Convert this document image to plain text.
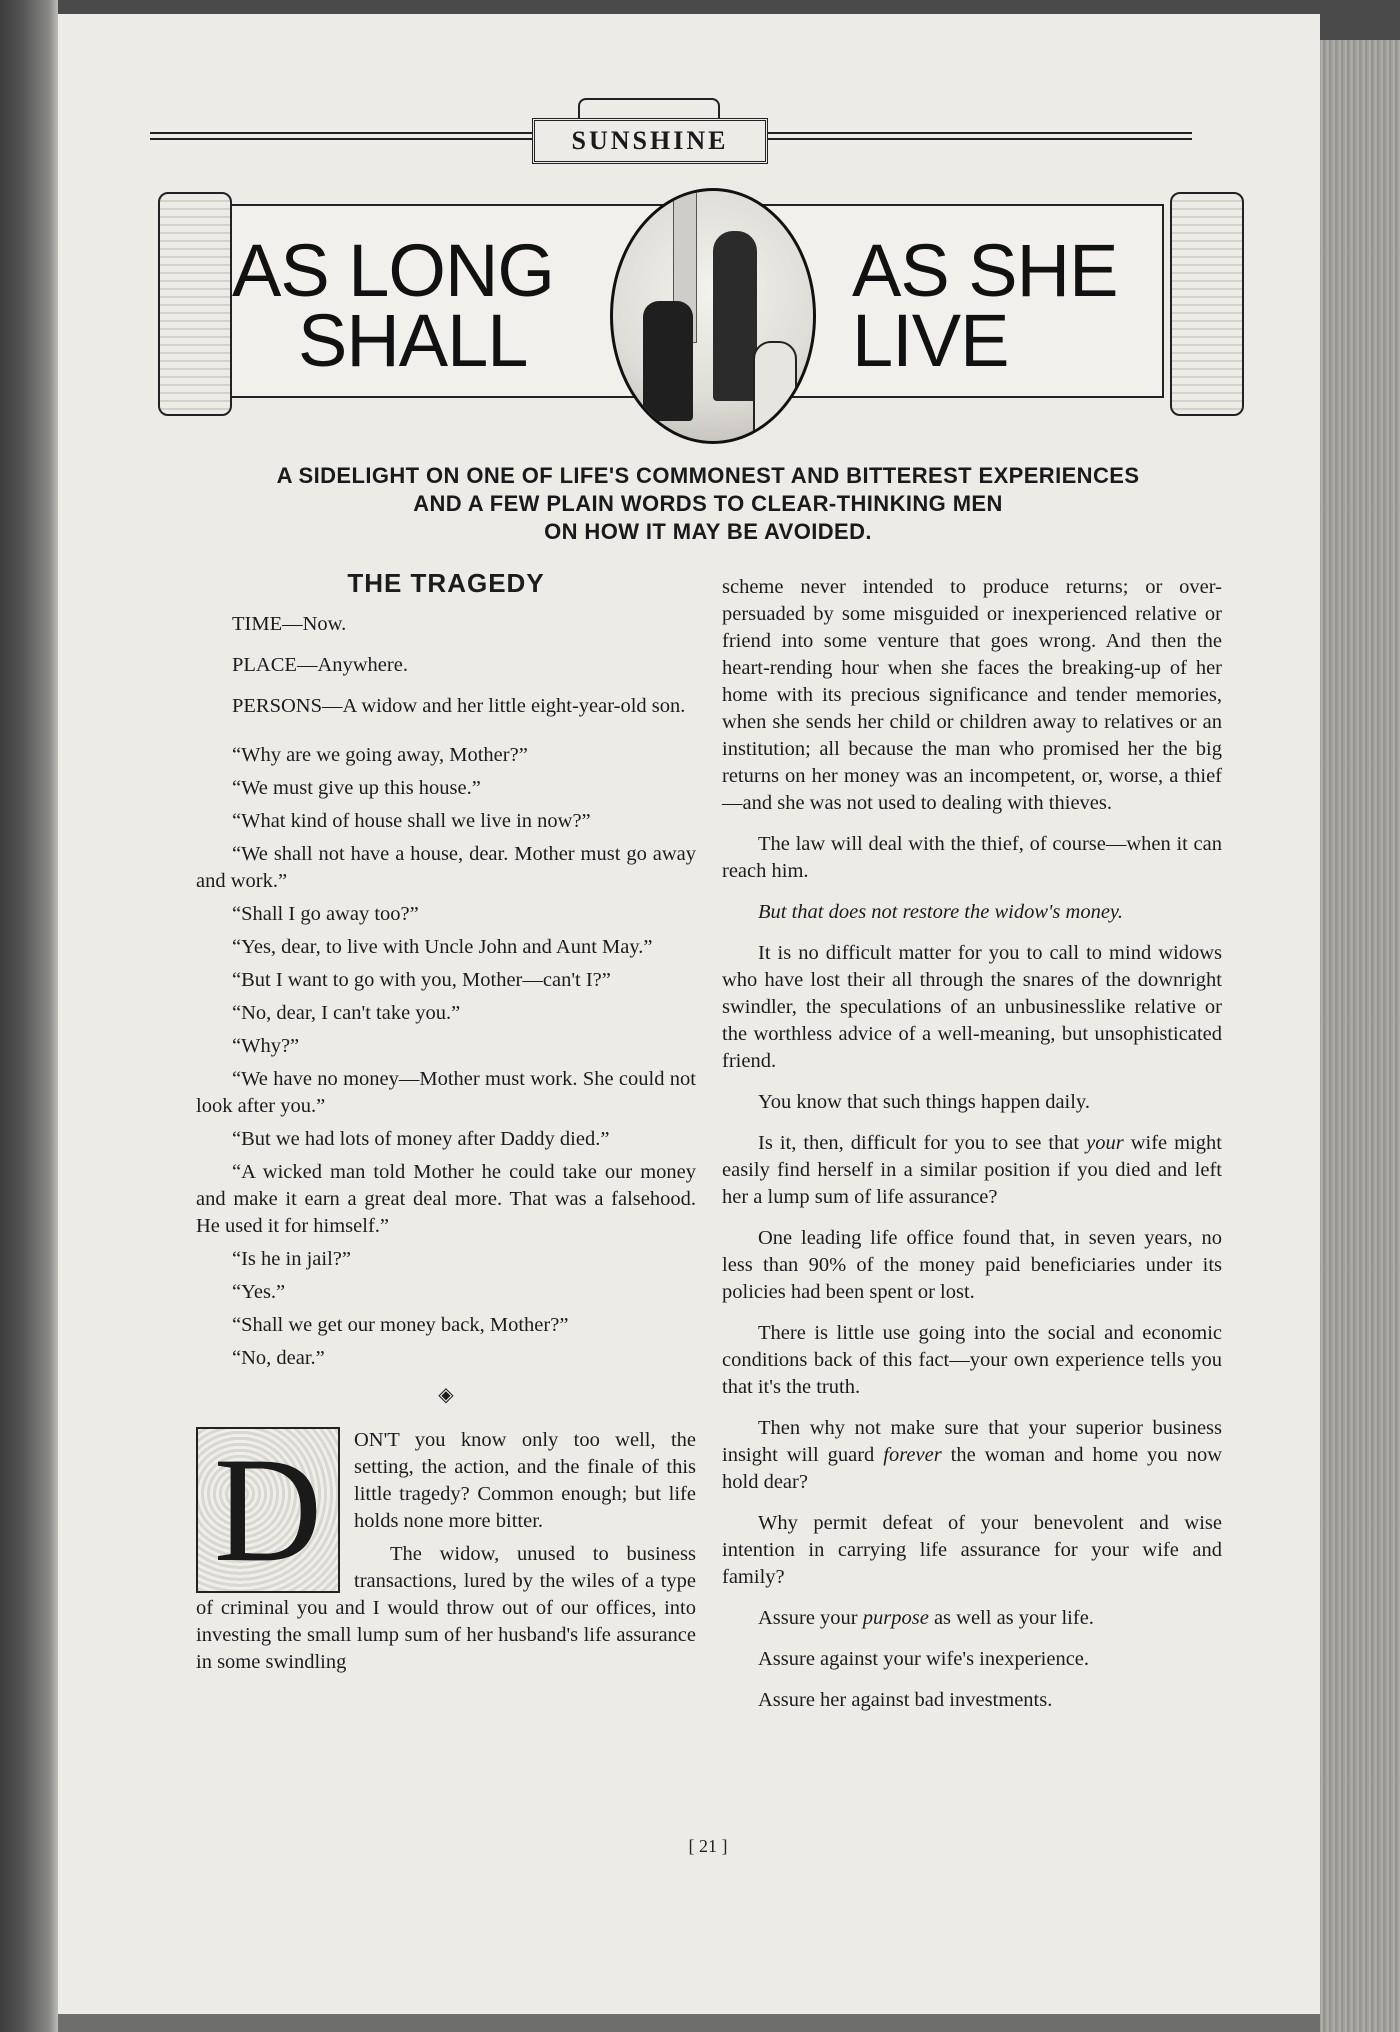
SUNSHINE
AS LONG
SHALL
AS SHE
LIVE
A SIDELIGHT ON ONE OF LIFE'S COMMONEST AND BITTEREST EXPERIENCES
AND A FEW PLAIN WORDS TO CLEAR-THINKING MEN
ON HOW IT MAY BE AVOIDED.
THE TRAGEDY

TIME—Now.

PLACE—Anywhere.

PERSONS—A widow and her little eight-year-old son.

“Why are we going away, Mother?”

“We must give up this house.”

“What kind of house shall we live in now?”

“We shall not have a house, dear. Mother must go away and work.”

“Shall I go away too?”

“Yes, dear, to live with Uncle John and Aunt May.”

“But I want to go with you, Mother—can't I?”

“No, dear, I can't take you.”

“Why?”

“We have no money—Mother must work. She could not look after you.”

“But we had lots of money after Daddy died.”

“A wicked man told Mother he could take our money and make it earn a great deal more. That was a falsehood. He used it for himself.”

“Is he in jail?”

“Yes.”

“Shall we get our money back, Mother?”

“No, dear.”

◈
D	ON'T you know only too well, the setting, the action, and the finale of this little tragedy? Common enough; but life holds none more bitter.

The widow, unused to business transactions, lured by the wiles of a type of criminal you and I would throw out of our offices, into investing the small lump sum of her husband's life assurance in some swindling

scheme never intended to produce returns; or over-persuaded by some misguided or inexperienced relative or friend into some venture that goes wrong. And then the heart-rending hour when she faces the breaking-up of her home with its precious significance and tender memories, when she sends her child or children away to relatives or an institution; all because the man who promised her the big returns on her money was an incompetent, or, worse, a thief—and she was not used to dealing with thieves.

The law will deal with the thief, of course—when it can reach him.

But that does not restore the widow's money.

It is no difficult matter for you to call to mind widows who have lost their all through the snares of the downright swindler, the speculations of an unbusinesslike relative or the worthless advice of a well-meaning, but unsophisticated friend.

You know that such things happen daily.

Is it, then, difficult for you to see that your wife might easily find herself in a similar position if you died and left her a lump sum of life assurance?

One leading life office found that, in seven years, no less than 90% of the money paid beneficiaries under its policies had been spent or lost.

There is little use going into the social and economic conditions back of this fact—your own experience tells you that it's the truth.

Then why not make sure that your superior business insight will guard forever the woman and home you now hold dear?

Why permit defeat of your benevolent and wise intention in carrying life assurance for your wife and family?

Assure your purpose as well as your life.

Assure against your wife's inexperience.

Assure her against bad investments.

[ 21 ]
